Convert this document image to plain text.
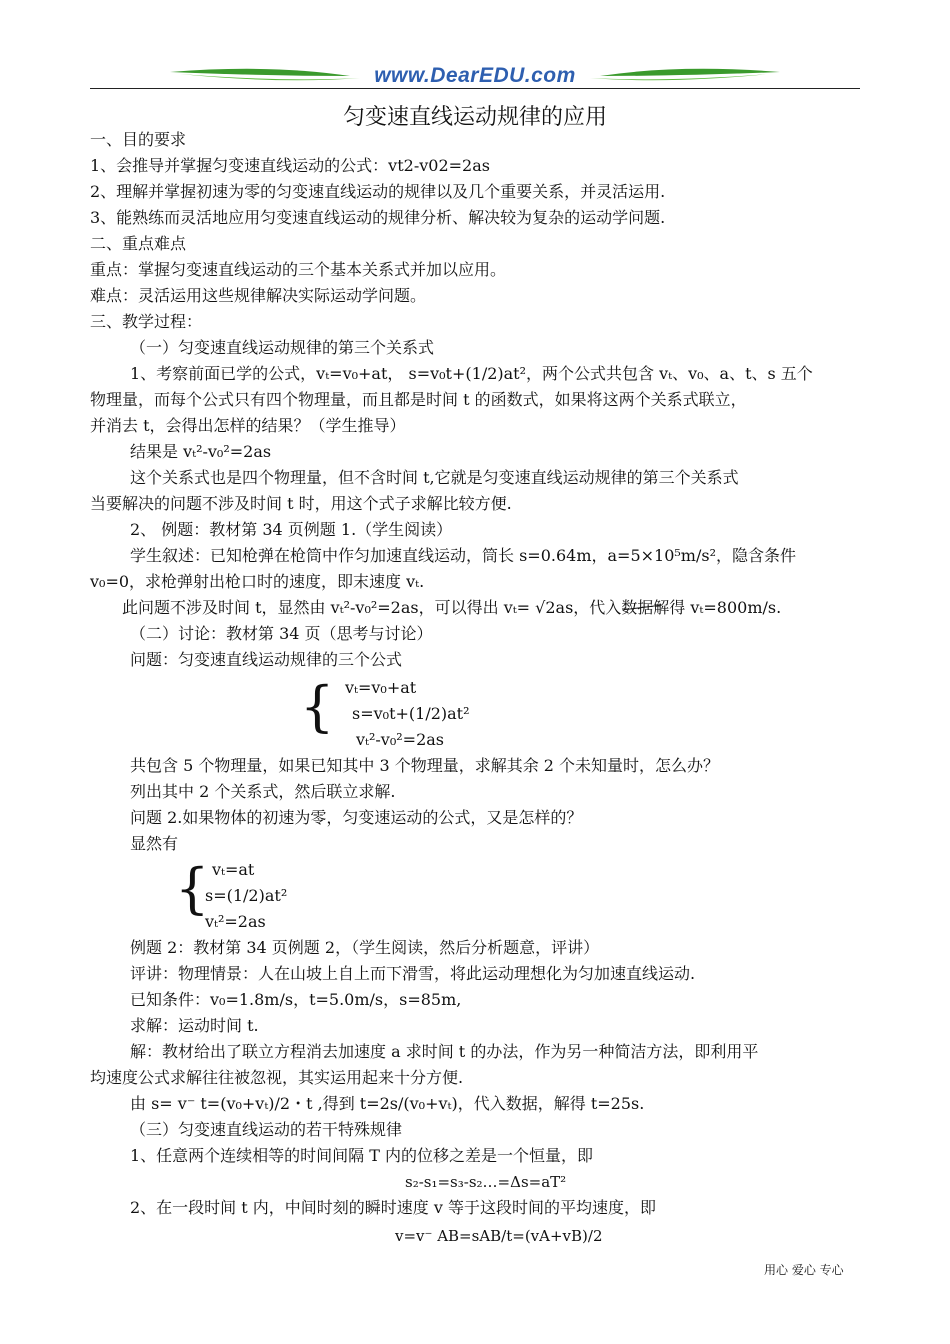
www.DearEDU.com
匀变速直线运动规律的应用
一、目的要求
1、会推导并掌握匀变速直线运动的公式：vt2-v02=2as
2、理解并掌握初速为零的匀变速直线运动的规律以及几个重要关系，并灵活运用.
3、能熟练而灵活地应用匀变速直线运动的规律分析、解决较为复杂的运动学问题.
二、重点难点
重点：掌握匀变速直线运动的三个基本关系式并加以应用。
难点：灵活运用这些规律解决实际运动学问题。
三、教学过程：
（一）匀变速直线运动规律的第三个关系式
1、考察前面已学的公式，vₜ=v₀+at， s=v₀t+(1/2)at²，两个公式共包含 vₜ、v₀、a、t、s 五个
物理量，而每个公式只有四个物理量，而且都是时间 t 的函数式，如果将这两个关系式联立，
并消去 t，会得出怎样的结果？（学生推导）
结果是 vₜ²-v₀²=2as
这个关系式也是四个物理量，但不含时间 t,它就是匀变速直线运动规律的第三个关系式
当要解决的问题不涉及时间 t 时，用这个式子求解比较方便.
2、 例题：教材第 34 页例题 1.（学生阅读）
学生叙述：已知枪弹在枪筒中作匀加速直线运动，筒长 s=0.64m，a=5×10⁵m/s²，隐含条件
v₀=0，求枪弹射出枪口时的速度，即末速度 vₜ.
此问题不涉及时间 t，显然由 vₜ²-v₀²=2as，可以得出 vₜ= √2as，代入数据解得 vₜ=800m/s.
（二）讨论：教材第 34 页（思考与讨论）
问题：匀变速直线运动规律的三个公式
{ vₜ=v₀+at
s=v₀t+(1/2)at²
vₜ²-v₀²=2as
共包含 5 个物理量，如果已知其中 3 个物理量，求解其余 2 个未知量时，怎么办？
列出其中 2 个关系式，然后联立求解.
问题 2.如果物体的初速为零，匀变速运动的公式，又是怎样的？
显然有
{ vₜ=at
s=(1/2)at²
vₜ²=2as
例题 2：教材第 34 页例题 2，（学生阅读，然后分析题意，评讲）
评讲：物理情景：人在山坡上自上而下滑雪，将此运动理想化为匀加速直线运动.
已知条件：v₀=1.8m/s，t=5.0m/s，s=85m,
求解：运动时间 t.
解：教材给出了联立方程消去加速度 a 求时间 t 的办法，作为另一种简洁方法，即利用平
均速度公式求解往往被忽视，其实运用起来十分方便.
由 s= v⁻ t=(v₀+vₜ)/2・t ,得到 t=2s/(v₀+vₜ)，代入数据，解得 t=25s.
（三）匀变速直线运动的若干特殊规律
1、任意两个连续相等的时间间隔 T 内的位移之差是一个恒量，即
s₂-s₁=s₃-s₂…=Δs=aT²
2、在一段时间 t 内，中间时刻的瞬时速度 v 等于这段时间的平均速度，即
v=v⁻ AB=sAB/t=(vA+vB)/2
用心 爱心 专心
